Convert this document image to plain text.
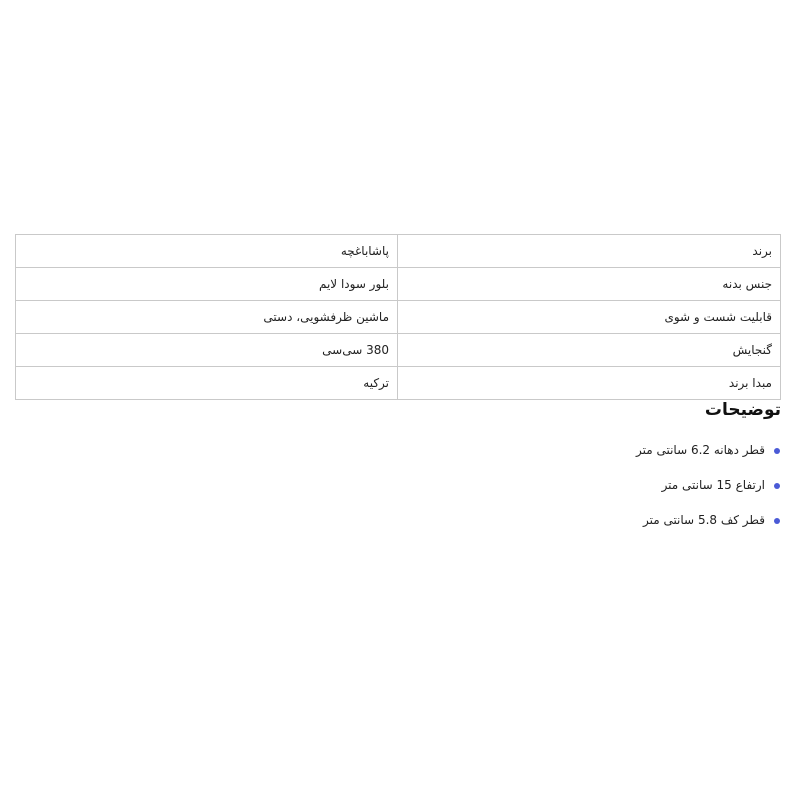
برند	پاشاباغچه
جنس بدنه	بلور سودا لایم
قابلیت شست و شوی	ماشین ظرفشویی، دستی
گنجایش	380 سی‌سی
مبدا برند	ترکیه
توضیحات
قطر دهانه 6.2 سانتی متر
ارتفاع 15 سانتی متر
قطر کف 5.8 سانتی متر
